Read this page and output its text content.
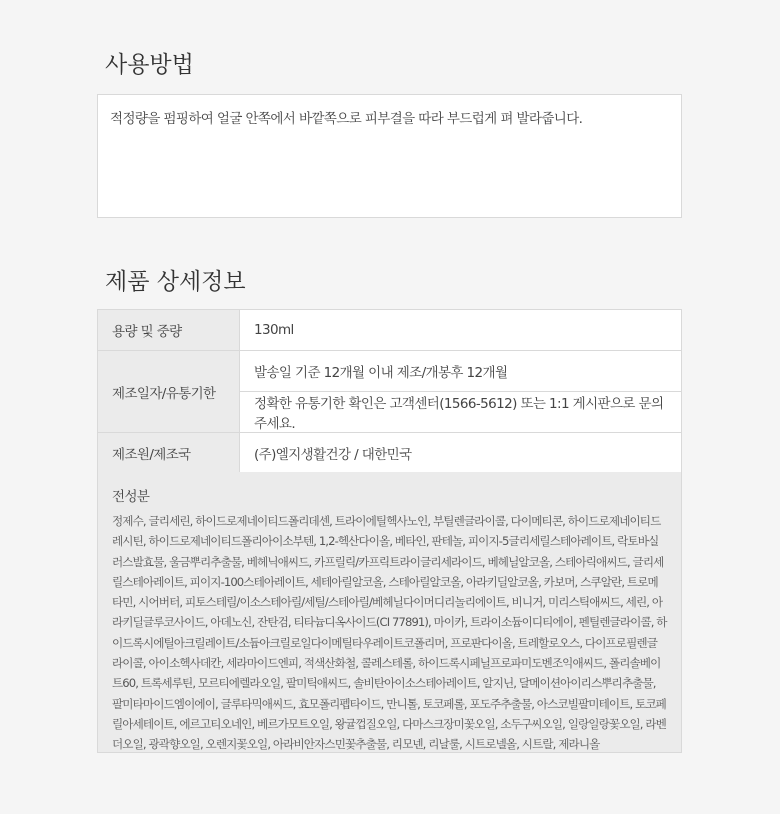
사용방법
적정량을 펌핑하여 얼굴 안쪽에서 바깥쪽으로 피부결을 따라 부드럽게 펴 발라줍니다.
제품 상세정보
용량 및 중량	130ml
제조일자/유통기한	발송일 기준 12개월 이내 제조/개봉후 12개월
	정확한 유통기한 확인은 고객센터(1566-5612) 또는 1:1 게시판으로 문의주세요.
제조원/제조국	(주)엘지생활건강 / 대한민국
전성분
정제수, 글리세린, 하이드로제네이티드폴리데센, 트라이에틸헥사노인, 부틸렌글라이콜, 다이메티콘, 하이드로제네이티드레시틴, 하이드로제네이티드폴리아이소부텐, 1,2-헥산다이올, 베타인, 판테놀, 피이지-5글리세릴스테아레이트, 락토바실러스발효물, 울금뿌리추출물, 베헤닉애씨드, 카프릴릭/카프릭트라이글리세라이드, 베헤닐알코올, 스테아릭애씨드, 글리세릴스테아레이트, 피이지-100스테아레이트, 세테아릴알코올, 스테아릴알코올, 아라키딜알코올, 카보머, 스쿠알란, 트로메타민, 시어버터, 피토스테릴/이소스테아릴/세틸/스테아릴/베헤닐다이머디리놀리에이트, 비니거, 미리스틱애씨드, 세린, 아라키딜글루코사이드, 아데노신, 잔탄검, 티타늄디옥사이드(CI 77891), 마이카, 트라이소듐이디티에이, 펜틸렌글라이콜, 하이드록시에틸아크릴레이트/소듐아크릴로일다이메틸타우레이트코폴리머, 프로판다이올, 트레할로오스, 다이프로필렌글라이콜, 아이소헥사데칸, 세라마이드엔피, 적색산화철, 콜레스테롤, 하이드록시페닐프로파미도벤조익애씨드, 폴리솔베이트60, 트록세루틴, 모르티에렐라오일, 팔미틱애씨드, 솔비탄아이소스테아레이트, 알지닌, 달메이션아이리스뿌리추출물, 팔미타마이드엠이에이, 글루타믹애씨드, 효모폴리펩타이드, 만니톨, 토코페롤, 포도주추출물, 아스코빌팔미테이트, 토코페릴아세테이트, 에르고티오네인, 베르가모트오일, 왕귤껍질오일, 다마스크장미꽃오일, 소두구씨오일, 일랑일랑꽃오일, 라벤더오일, 광곽향오일, 오렌지꽃오일, 아라비안자스민꽃추출물, 리모넨, 리날룰, 시트로넬올, 시트랄, 제라니올
